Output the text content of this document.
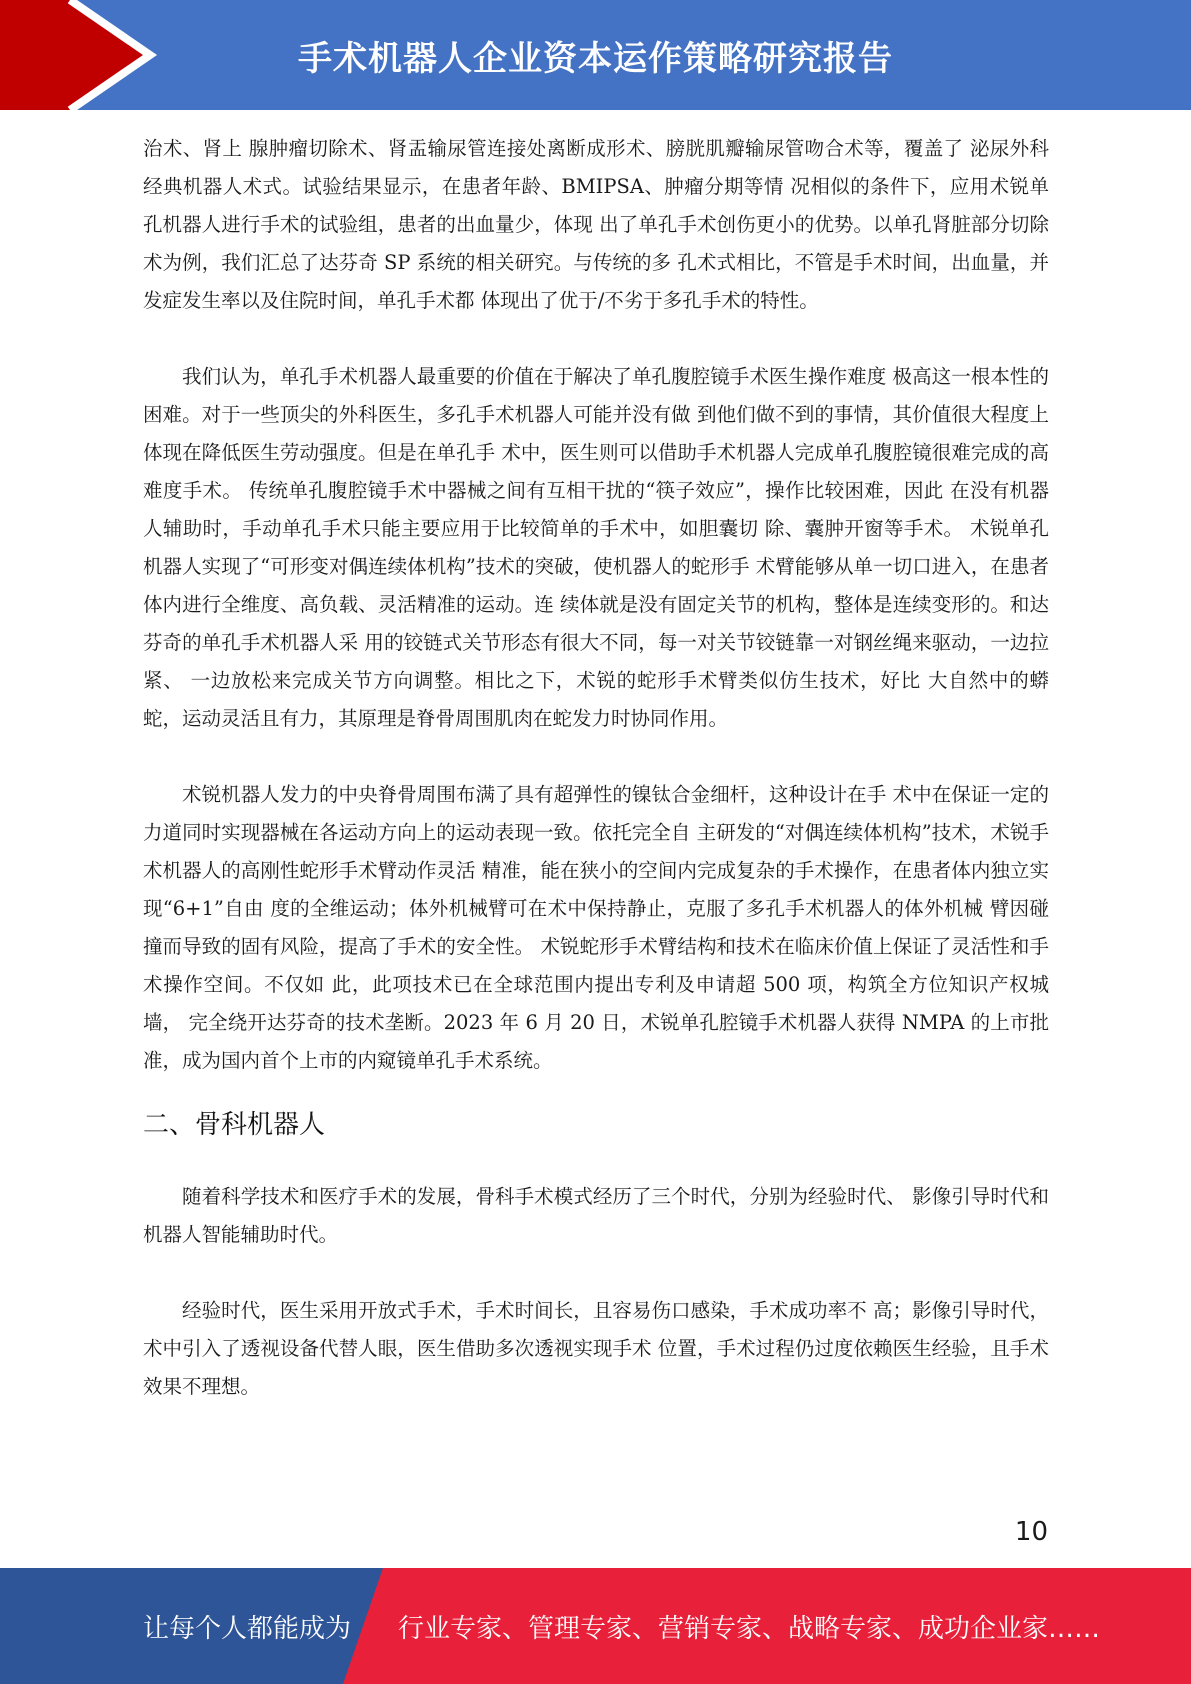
手术机器人企业资本运作策略研究报告

治术、肾上 腺肿瘤切除术、肾盂输尿管连接处离断成形术、膀胱肌瓣输尿管吻合术等，覆盖了 泌尿外科经典机器人术式。试验结果显示，在患者年龄、BMIPSA、肿瘤分期等情 况相似的条件下，应用术锐单孔机器人进行手术的试验组，患者的出血量少，体现 出了单孔手术创伤更小的优势。以单孔肾脏部分切除术为例，我们汇总了达芬奇 SP 系统的相关研究。与传统的多 孔术式相比，不管是手术时间，出血量，并发症发生率以及住院时间，单孔手术都 体现出了优于/不劣于多孔手术的特性。

我们认为，单孔手术机器人最重要的价值在于解决了单孔腹腔镜手术医生操作难度 极高这一根本性的困难。对于一些顶尖的外科医生，多孔手术机器人可能并没有做 到他们做不到的事情，其价值很大程度上体现在降低医生劳动强度。但是在单孔手 术中，医生则可以借助手术机器人完成单孔腹腔镜很难完成的高难度手术。 传统单孔腹腔镜手术中器械之间有互相干扰的“筷子效应”，操作比较困难，因此 在没有机器人辅助时，手动单孔手术只能主要应用于比较简单的手术中，如胆囊切 除、囊肿开窗等手术。 术锐单孔机器人实现了“可形变对偶连续体机构”技术的突破，使机器人的蛇形手 术臂能够从单一切口进入，在患者体内进行全维度、高负载、灵活精准的运动。连 续体就是没有固定关节的机构，整体是连续变形的。和达芬奇的单孔手术机器人采 用的铰链式关节形态有很大不同，每一对关节铰链靠一对钢丝绳来驱动，一边拉紧、 一边放松来完成关节方向调整。相比之下，术锐的蛇形手术臂类似仿生技术，好比 大自然中的蟒蛇，运动灵活且有力，其原理是脊骨周围肌肉在蛇发力时协同作用。

术锐机器人发力的中央脊骨周围布满了具有超弹性的镍钛合金细杆，这种设计在手 术中在保证一定的力道同时实现器械在各运动方向上的运动表现一致。依托完全自 主研发的“对偶连续体机构”技术，术锐手术机器人的高刚性蛇形手术臂动作灵活 精准，能在狭小的空间内完成复杂的手术操作，在患者体内独立实现“6+1”自由 度的全维运动；体外机械臂可在术中保持静止，克服了多孔手术机器人的体外机械 臂因碰撞而导致的固有风险，提高了手术的安全性。 术锐蛇形手术臂结构和技术在临床价值上保证了灵活性和手术操作空间。不仅如 此，此项技术已在全球范围内提出专利及申请超 500 项，构筑全方位知识产权城墙， 完全绕开达芬奇的技术垄断。2023 年 6 月 20 日，术锐单孔腔镜手术机器人获得 NMPA 的上市批准，成为国内首个上市的内窥镜单孔手术系统。

二、骨科机器人

随着科学技术和医疗手术的发展，骨科手术模式经历了三个时代，分别为经验时代、 影像引导时代和机器人智能辅助时代。

经验时代，医生采用开放式手术，手术时间长，且容易伤口感染，手术成功率不 高；影像引导时代，术中引入了透视设备代替人眼，医生借助多次透视实现手术 位置，手术过程仍过度依赖医生经验，且手术效果不理想。

10
让每个人都能成为 行业专家、管理专家、营销专家、战略专家、成功企业家……
